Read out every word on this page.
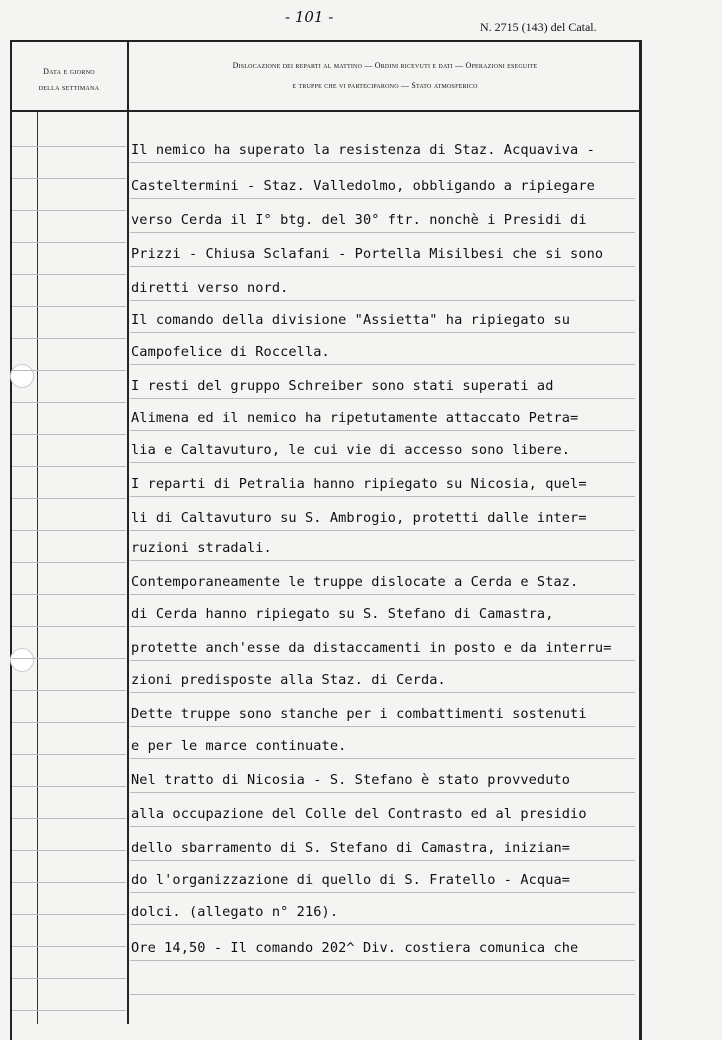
- 101 -
N. 2715 (143) del Catal.
Data e giorno
della settimana
Dislocazione dei reparti al mattino — Ordini ricevuti e dati — Operazioni eseguite
e truppe che vi parteciparono — Stato atmosferico
Il nemico ha superato la resistenza di Staz. Acquaviva -
Casteltermini - Staz. Valledolmo, obbligando a ripiegare
verso Cerda il I° btg. del 30° ftr. nonchè i Presidi di
Prizzi - Chiusa Sclafani - Portella Misilbesi che si sono
diretti verso nord.
Il comando della divisione "Assietta" ha ripiegato su
Campofelice di Roccella.
I resti del gruppo Schreiber sono stati superati ad
Alimena ed il nemico ha ripetutamente attaccato Petra=
lia e Caltavuturo, le cui vie di accesso sono libere.
I reparti di Petralia hanno ripiegato su Nicosia, quel=
li di Caltavuturo su S. Ambrogio, protetti dalle inter=
ruzioni stradali.
Contemporaneamente le truppe dislocate a Cerda e Staz.
di Cerda hanno ripiegato su S. Stefano di Camastra,
protette anch'esse da distaccamenti in posto e da interru=
zioni predisposte alla Staz. di Cerda.
Dette truppe sono stanche per i combattimenti sostenuti
e per le marce continuate.
Nel tratto di Nicosia - S. Stefano è stato provveduto
alla occupazione del Colle del Contrasto ed al presidio
dello sbarramento di S. Stefano di Camastra, inizian=
do l'organizzazione di quello di S. Fratello - Acqua=
dolci. (allegato n° 216).
Ore 14,50 - Il comando 202^ Div. costiera comunica che
